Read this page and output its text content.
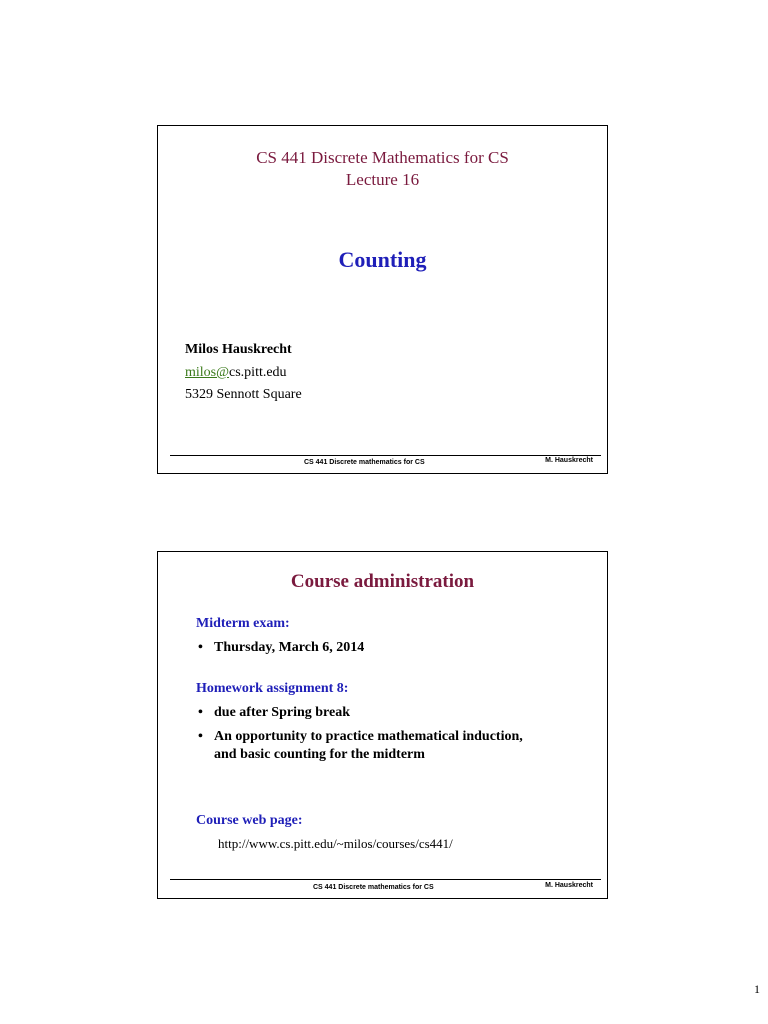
CS 441 Discrete Mathematics for CS
Lecture 16
Counting
Milos Hauskrecht
milos@cs.pitt.edu
5329 Sennott Square
CS 441 Discrete mathematics for CS	M. Hauskrecht
Course administration
Midterm exam:
• Thursday, March 6, 2014
Homework assignment 8:
• due after Spring break
• An opportunity to practice mathematical induction, and basic counting for the midterm
Course web page:
http://www.cs.pitt.edu/~milos/courses/cs441/
CS 441 Discrete mathematics for CS	M. Hauskrecht
1
